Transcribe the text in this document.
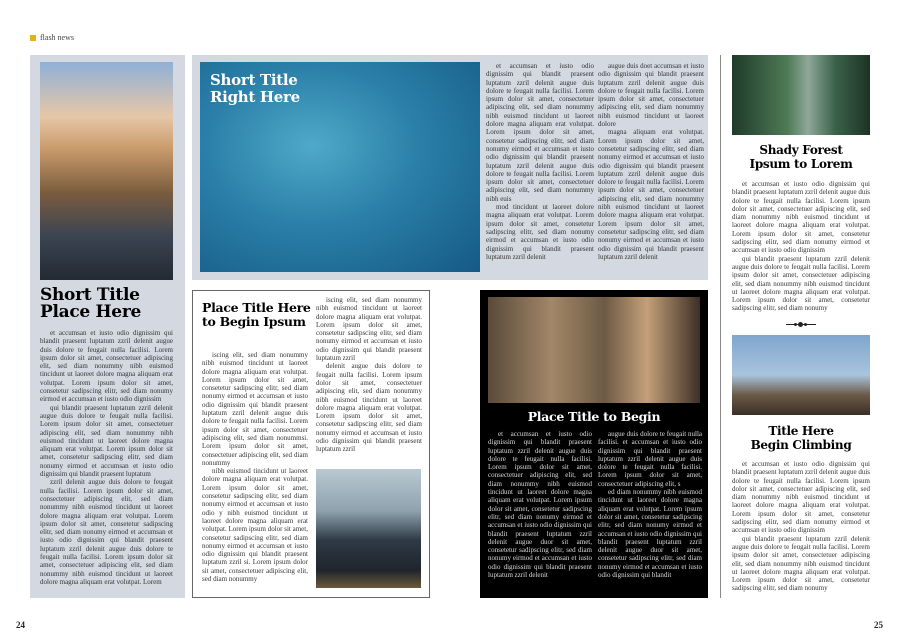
flash news
Short Title
Place Here

et accumsan et iusto odio dignissim qui blandit praesent luptatum zzril delenit augue duis dolore te feugait nulla facilisi. Lorem ipsum dolor sit amet, consectetuer adipiscing elit, sed diam nonummy nibh euismod tincidunt ut laoreet dolore magna aliquam erat volutpat. Lorem ipsum dolor sit amet, consetetur sadipscing elitr, sed diam nonumy eirmod et accumsan et iusto odio dignissim

qui blandit praesent luptatum zzril delenit augue duis dolore te feugait nulla facilisi. Lorem ipsum dolor sit amet, consectetuer adipiscing elit, sed diam nonummy nibh euismod tincidunt ut laoreet dolore magna aliquam erat volutpat. Lorem ipsum dolor sit amet, consetetur sadipscing elitr, sed diam nonumy eirmod et accumsan et iusto odio dignissim qui blandit praesent luptatum

zzril delenit augue duis dolore te feugait nulla facilisi. Lorem ipsum dolor sit amet, consectetuer adipiscing elit, sed diam nonummy nibh euismod tincidunt ut laoreet dolore magna aliquam erat volutpat. Lorem ipsum dolor sit amet, consetetur sadipscing elitr, sed diam nonumy eirmod et accumsan et iusto odio dignissim qui blandit praesent luptatum zzril delenit augue duis dolore te feugait nulla facilisi. Lorem ipsum dolor sit amet, consectetuer adipiscing elit, sed diam nonummy nibh euismod tincidunt ut laoreet dolore magna aliquam erat volutpat. Lorem

Short Title
Right Here

et accumsan et iusto odio dignissim qui blandit praesent luptatum zzril delenit augue duis dolore te feugait nulla facilisi. Lorem ipsum dolor sit amet, consectetuer adipiscing elit, sed diam nonummy nibh euismod tincidunt ut laoreet dolore magna aliquam erat volutpat. Lorem ipsum dolor sit amet, consetetur sadipscing elitr, sed diam nonumy eirmod et accumsan et iusto odio dignissim qui blandit praesent luptatum zzril delenit augue duis dolore te feugait nulla facilisi. Lorem ipsum dolor sit amet, consectetuer adipiscing elit, sed diam nonummy nibh euis

mod tincidunt ut laoreet dolore magna aliquam erat volutpat. Lorem ipsum dolor sit amet, consetetur sadipscing elitr, sed diam nonumy eirmod et accumsan et iusto odio dignissim qui blandit praesent luptatum zzril delenit

augue duis doet accumsan et iusto odio dignissim qui blandit praesent luptatum zzril delenit augue duis dolore te feugait nulla facilisi. Lorem ipsum dolor sit amet, consectetuer adipiscing elit, sed diam nonummy nibh euismod tincidunt ut laoreet dolore

magna aliquam erat volutpat. Lorem ipsum dolor sit amet, consetetur sadipscing elitr, sed diam nonumy eirmod et accumsan et iusto odio dignissim qui blandit praesent luptatum zzril delenit augue duis dolore te feugait nulla facilisi. Lorem ipsum dolor sit amet, consectetuer adipiscing elit, sed diam nonummy nibh euismod tincidunt ut laoreet dolore magna aliquam erat volutpat. Lorem ipsum dolor sit amet, consetetur sadipscing elitr, sed diam nonumy eirmod et accumsan et iusto odio dignissim qui blandit praesent luptatum zzril delenit

Place Title Here
to Begin Ipsum

iscing elit, sed diam nonummy nibh euismod tincidunt ut laoreet dolore magna aliquam erat volutpat. Lorem ipsum dolor sit amet, consetetur sadipscing elitr, sed diam nonumy eirmod et accumsan et iusto odio dignissim qui blandit praesent luptatum zzril delenit augue duis dolore te feugait nulla facilisi. Lorem ipsum dolor sit amet, consectetuer adipiscing elit, sed diam nonummsi. Lorem ipsum dolor sit amet, consectetuer adipiscing elit, sed diam nonummy

nibh euismod tincidunt ut laoreet dolore magna aliquam erat volutpat. Lorem ipsum dolor sit amet, consetetur sadipscing elitr, sed diam nonumy eirmod et accumsan et iusto odio y nibh euismod tincidunt ut laoreet dolore magna aliquam erat volutpat. Lorem ipsum dolor sit amet, consetetur sadipscing elitr, sed diam nonumy eirmod et accumsan et iusto odio dignissim qui blandit praesent luptatum zzril si. Lorem ipsum dolor sit amet, consectetuer adipiscing elit, sed diam nonummy

iscing elit, sed diam nonummy nibh euismod tincidunt ut laoreet dolore magna aliquam erat volutpat. Lorem ipsum dolor sit amet, consetetur sadipscing elitr, sed diam nonumy eirmod et accumsan et iusto odio dignissim qui blandit praesent luptatum zzril

delenit augue duis dolore te feugait nulla facilisi. Lorem ipsum dolor sit amet, consectetuer adipiscing elit, sed diam nonummy nibh euismod tincidunt ut laoreet dolore magna aliquam erat volutpat. Lorem ipsum dolor sit amet, consetetur sadipscing elitr, sed diam nonumy eirmod et accumsan et iusto odio dignissim qui blandit praesent luptatum zzril

Place Title to Begin

et accumsan et iusto odio dignissim qui blandit praesent luptatum zzril delenit augue duis dolore te feugait nulla facilisi. Lorem ipsum dolor sit amet, consectetuer adipiscing elit, sed diam nonummy nibh euismod tincidunt ut laoreet dolore magna aliquam erat volutpat. Lorem ipsum dolor sit amet, consetetur sadipscing elitr, sed diam nonumy eirmod et accumsan et iusto odio dignissim qui blandit praesent luptatum zzril delenit augue duor sit amet, consetetur sadipscing elitr, sed diam nonumy eirmod et accumsan et iusto odio dignissim qui blandit praesent luptatum zzril delenit

augue duis dolore te feugait nulla facilisi. et accumsan et iusto odio dignissim qui blandit praesent luptatum zzril delenit augue duis dolore te feugait nulla facilisi. Lorem ipsum dolor sit amet, consectetuer adipiscing elit, s

ed diam nonummy nibh euismod tincidunt ut laoreet dolore magna aliquam erat volutpat. Lorem ipsum dolor sit amet, consetetur sadipscing elitr, sed diam nonumy eirmod et accumsan et iusto odio dignissim qui blandit praesent luptatum zzril delenit augue duor sit amet, consetetur sadipscing elitr, sed diam nonumy eirmod et accumsan et iusto odio dignissim qui blandit

Shady Forest
Ipsum to Lorem

et accumsan et iusto odio dignissim qui blandit praesent luptatum zzril delenit augue duis dolore te feugait nulla facilisi. Lorem ipsum dolor sit amet, consectetuer adipiscing elit, sed diam nonummy nibh euismod tincidunt ut laoreet dolore magna aliquam erat volutpat. Lorem ipsum dolor sit amet, consetetur sadipscing elitr, sed diam nonumy eirmod et accumsan et iusto odio dignissim

qui blandit praesent luptatum zzril delenit augue duis dolore te feugait nulla facilisi. Lorem ipsum dolor sit amet, consectetuer adipiscing elit, sed diam nonummy nibh euismod tincidunt ut laoreet dolore magna aliquam erat volutpat. Lorem ipsum dolor sit amet, consetetur sadipscing elitr, sed diam nonumy

Title Here
Begin Climbing

et accumsan et iusto odio dignissim qui blandit praesent luptatum zzril delenit augue duis dolore te feugait nulla facilisi. Lorem ipsum dolor sit amet, consectetuer adipiscing elit, sed diam nonummy nibh euismod tincidunt ut laoreet dolore magna aliquam erat volutpat. Lorem ipsum dolor sit amet, consetetur sadipscing elitr, sed diam nonumy eirmod et accumsan et iusto odio dignissim

qui blandit praesent luptatum zzril delenit augue duis dolore te feugait nulla facilisi. Lorem ipsum dolor sit amet, consectetuer adipiscing elit, sed diam nonummy nibh euismod tincidunt ut laoreet dolore magna aliquam erat volutpat. Lorem ipsum dolor sit amet, consetetur sadipscing elitr, sed diam nonumy

24	25
